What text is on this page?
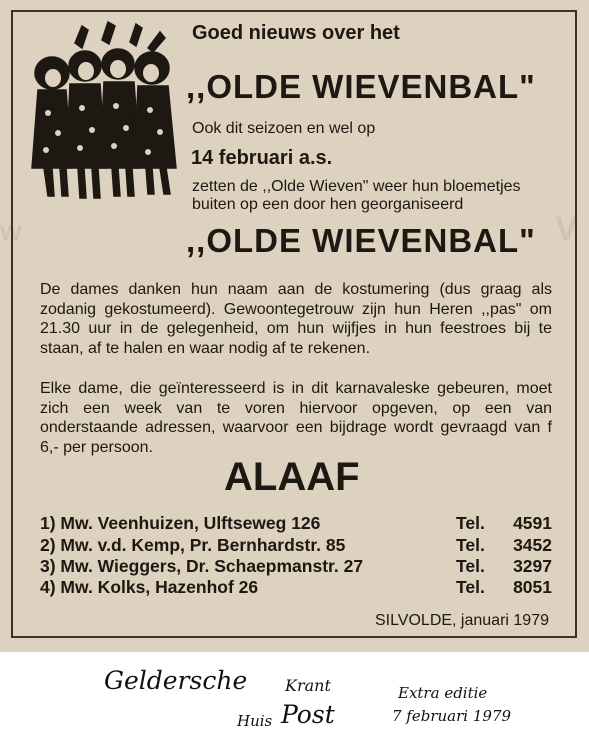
V
w
Goed nieuws over het
,,OLDE WIEVENBAL"
Ook dit seizoen en wel op
14 februari a.s.
zetten de ,,Olde Wieven" weer hun bloemetjes
buiten op een door hen georganiseerd
,,OLDE WIEVENBAL"
De dames danken hun naam aan de kostumering (dus graag als zodanig gekostumeerd). Gewoontegetrouw zijn hun Heren ,,pas" om 21.30 uur in de gelegenheid, om hun wijfjes in hun feestroes bij te staan, af te halen en waar nodig af te rekenen.
Elke dame, die geïnteresseerd is in dit karnavaleske gebeuren, moet zich een week van te voren hiervoor opgeven, op een van onderstaande adressen, waarvoor een bijdrage wordt gevraagd van f 6,- per persoon.
ALAAF
1) Mw. Veenhuizen, Ulftseweg 126	Tel. 4591
2) Mw. v.d. Kemp, Pr. Bernhardstr. 85	Tel. 3452
3) Mw. Wieggers, Dr. Schaepmanstr. 27	Tel. 3297
4) Mw. Kolks, Hazenhof 26	Tel. 8051
SILVOLDE, januari 1979
Geldersche Krant
Huis Post
Extra editie
7 februari 1979
